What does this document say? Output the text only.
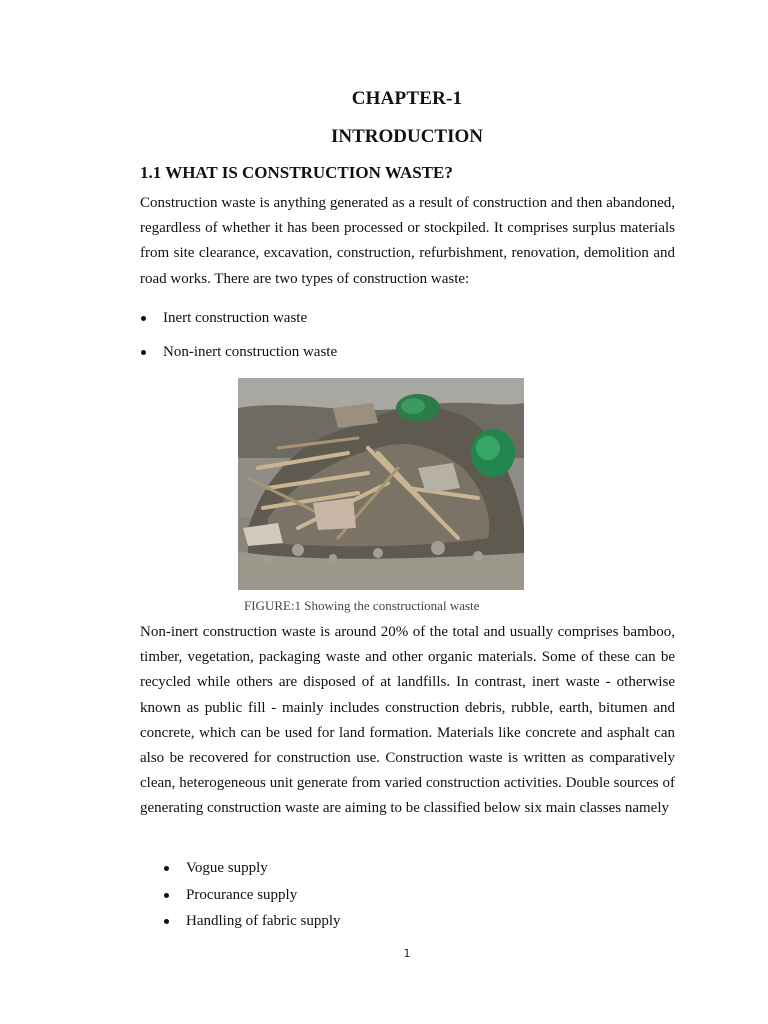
CHAPTER-1
INTRODUCTION
1.1 WHAT IS CONSTRUCTION WASTE?

Construction waste is anything generated as a result of construction and then abandoned, regardless of whether it has been processed or stockpiled. It comprises surplus materials from site clearance, excavation, construction, refurbishment, renovation, demolition and road works. There are two types of construction waste:

Inert construction waste
Non-inert construction waste
FIGURE:1 Showing the constructional waste

Non-inert construction waste is around 20% of the total and usually comprises bamboo, timber, vegetation, packaging waste and other organic materials. Some of these can be recycled while others are disposed of at landfills. In contrast, inert waste - otherwise known as public fill - mainly includes construction debris, rubble, earth, bitumen and concrete, which can be used for land formation. Materials like concrete and asphalt can also be recovered for construction use. Construction waste is written as comparatively clean, heterogeneous unit generate from varied construction activities. Double sources of generating construction waste are aiming to be classified below six main classes namely

Vogue supply
Procurance supply
Handling of fabric supply
1
